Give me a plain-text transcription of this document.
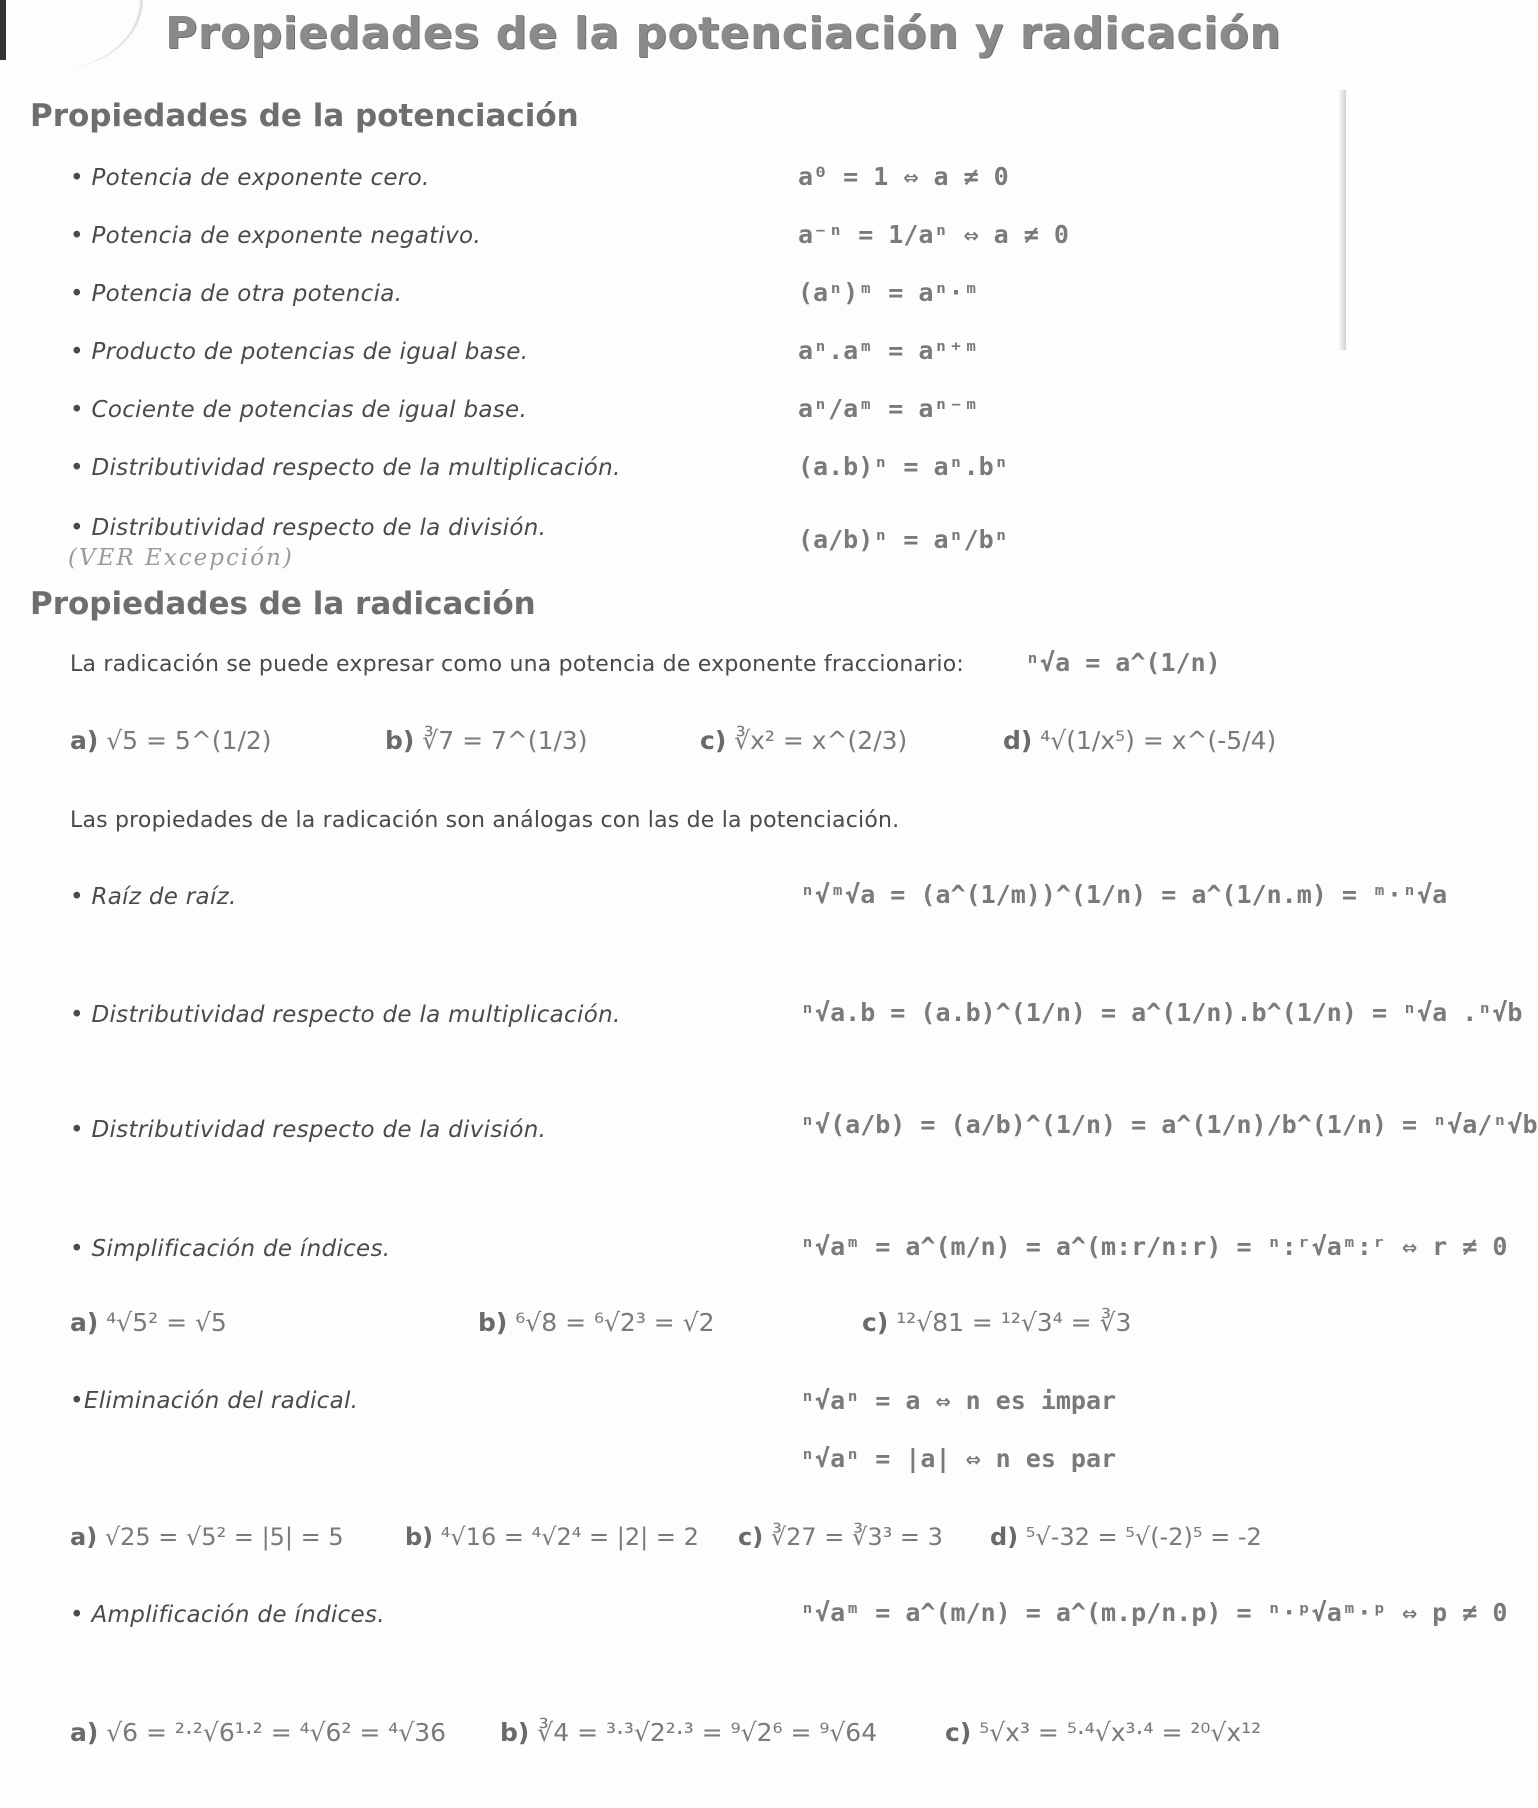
Propiedades de la potenciación y radicación
Propiedades de la potenciación
• Potencia de exponente cero.	a⁰ = 1 ⇔ a ≠ 0
• Potencia de exponente negativo.	a⁻ⁿ = 1/aⁿ ⇔ a ≠ 0
• Potencia de otra potencia.	(aⁿ)ᵐ = aⁿ·ᵐ
• Producto de potencias de igual base.	aⁿ.aᵐ = aⁿ⁺ᵐ
• Cociente de potencias de igual base.	aⁿ/aᵐ = aⁿ⁻ᵐ
• Distributividad respecto de la multiplicación.	(a.b)ⁿ = aⁿ.bⁿ
• Distributividad respecto de la división.	(a/b)ⁿ = aⁿ/bⁿ
(VER Excepción)
Propiedades de la radicación
La radicación se puede expresar como una potencia de exponente fraccionario: ⁿ√a = a^(1/n)
a) √5 = 5^(1/2)	b) ∛7 = 7^(1/3)	c) ∛x² = x^(2/3)	d) ⁴√(1/x⁵) = x^(-5/4)
Las propiedades de la radicación son análogas con las de la potenciación.
• Raíz de raíz.	ⁿ√ᵐ√a = (a^(1/m))^(1/n) = a^(1/n.m) = ᵐ·ⁿ√a
• Distributividad respecto de la multiplicación.	ⁿ√a.b = (a.b)^(1/n) = a^(1/n).b^(1/n) = ⁿ√a .ⁿ√b
• Distributividad respecto de la división.	ⁿ√(a/b) = (a/b)^(1/n) = a^(1/n)/b^(1/n) = ⁿ√a/ⁿ√b
• Simplificación de índices.	ⁿ√aᵐ = a^(m/n) = a^(m:r/n:r) = ⁿ:ʳ√aᵐ:ʳ ⇔ r ≠ 0
a) ⁴√5² = √5	b) ⁶√8 = ⁶√2³ = √2	c) ¹²√81 = ¹²√3⁴ = ∛3
•Eliminación del radical.	ⁿ√aⁿ = a ⇔ n es impar
ⁿ√aⁿ = |a| ⇔ n es par
a) √25 = √5² = |5| = 5	b) ⁴√16 = ⁴√2⁴ = |2| = 2 c) ∛27 = ∛3³ = 3 d) ⁵√-32 = ⁵√(-2)⁵ = -2
• Amplificación de índices.	ⁿ√aᵐ = a^(m/n) = a^(m.p/n.p) = ⁿ·ᵖ√aᵐ·ᵖ ⇔ p ≠ 0
a) √6 = ²·²√6¹·² = ⁴√6² = ⁴√36 b) ∛4 = ³·³√2²·³ = ⁹√2⁶ = ⁹√64	c) ⁵√x³ = ⁵·⁴√x³·⁴ = ²⁰√x¹²
